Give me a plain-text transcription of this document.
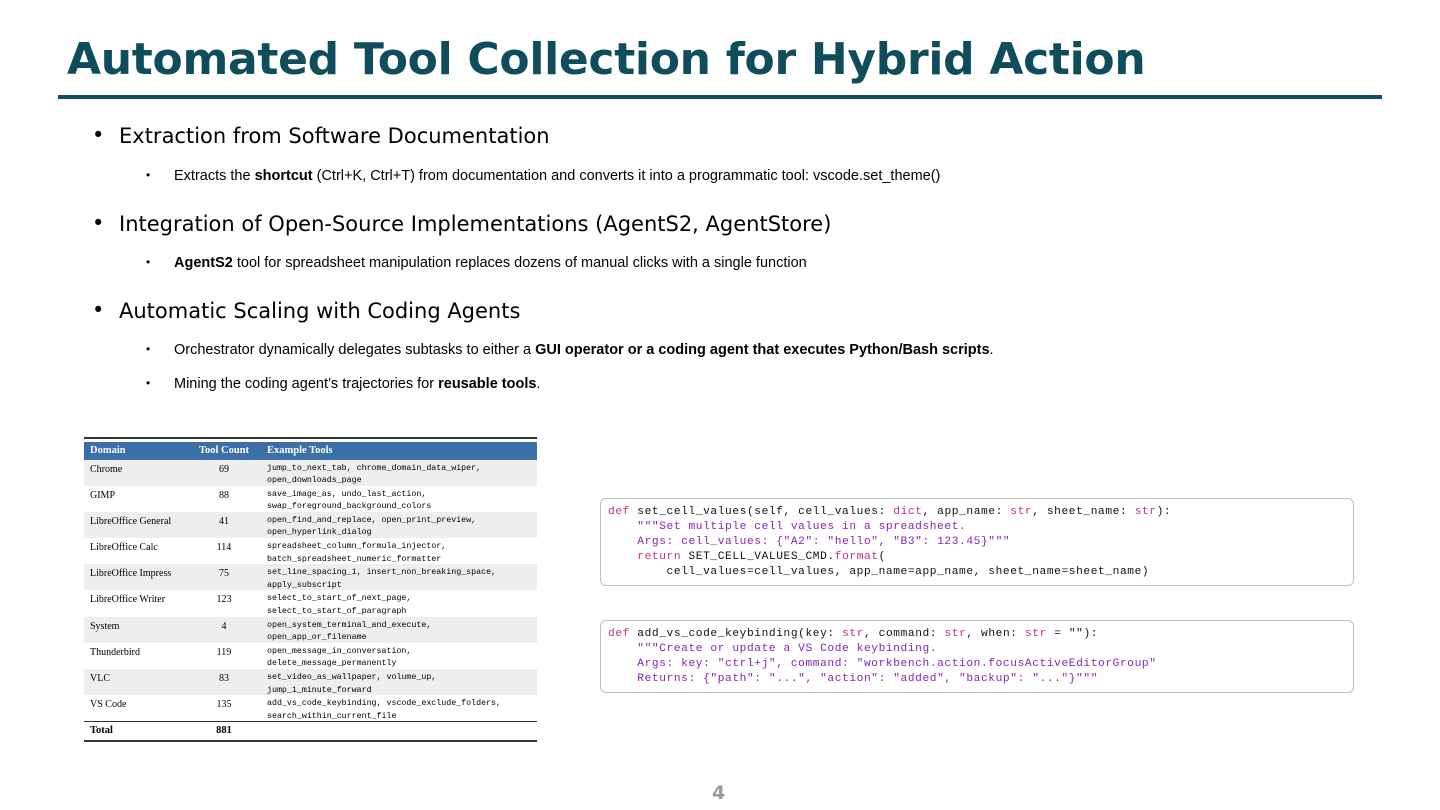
Automated Tool Collection for Hybrid Action
• Extraction from Software Documentation
• Extracts the shortcut (Ctrl+K, Ctrl+T) from documentation and converts it into a programmatic tool: vscode.set_theme()
• Integration of Open-Source Implementations (AgentS2, AgentStore)
• AgentS2 tool for spreadsheet manipulation replaces dozens of manual clicks with a single function
• Automatic Scaling with Coding Agents
• Orchestrator dynamically delegates subtasks to either a GUI operator or a coding agent that executes Python/Bash scripts.
• Mining the coding agent’s trajectories for reusable tools.
Domain	Tool Count	Example Tools
Chrome	69	jump_to_next_tab, chrome_domain_data_wiper,
open_downloads_page
GIMP	88	save_image_as, undo_last_action,
swap_foreground_background_colors
LibreOffice General	41	open_find_and_replace, open_print_preview,
open_hyperlink_dialog
LibreOffice Calc	114	spreadsheet_column_formula_injector,
batch_spreadsheet_numeric_formatter
LibreOffice Impress	75	set_line_spacing_1, insert_non_breaking_space,
apply_subscript
LibreOffice Writer	123	select_to_start_of_next_page,
select_to_start_of_paragraph
System	4	open_system_terminal_and_execute,
open_app_or_filename
Thunderbird	119	open_message_in_conversation,
delete_message_permanently
VLC	83	set_video_as_wallpaper, volume_up,
jump_1_minute_forward
VS Code	135	add_vs_code_keybinding, vscode_exclude_folders,
search_within_current_file
Total	881
def set_cell_values(self, cell_values: dict, app_name: str, sheet_name: str):
"""Set multiple cell values in a spreadsheet.
Args: cell_values: {"A2": "hello", "B3": 123.45}"""
return SET_CELL_VALUES_CMD.format(
cell_values=cell_values, app_name=app_name, sheet_name=sheet_name)
def add_vs_code_keybinding(key: str, command: str, when: str = ""):
"""Create or update a VS Code keybinding.
Args: key: "ctrl+j", command: "workbench.action.focusActiveEditorGroup"
Returns: {"path": "...", "action": "added", "backup": "..."}"""
4
